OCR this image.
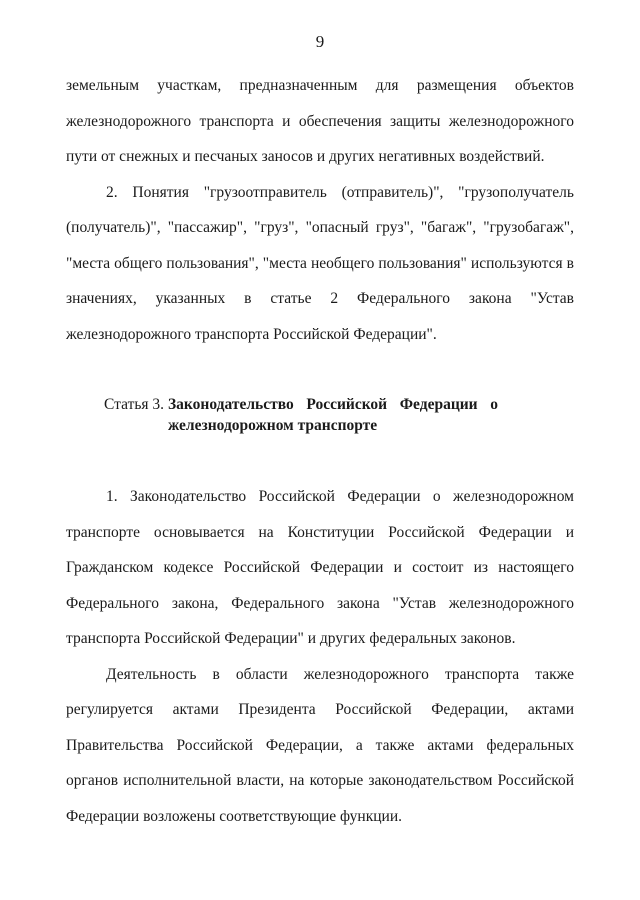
9

земельным участкам, предназначенным для размещения объектов железнодорожного транспорта и обеспечения защиты железнодорожного пути от снежных и песчаных заносов и других негативных воздействий.

2. Понятия "грузоотправитель (отправитель)", "грузополучатель (получатель)", "пассажир", "груз", "опасный груз", "багаж", "грузобагаж", "места общего пользования", "места необщего пользования" используются в значениях, указанных в статье 2 Федерального закона "Устав железнодорожного транспорта Российской Федерации".

Статья 3. Законодательство Российской Федерации о железнодорожном транспорте

1. Законодательство Российской Федерации о железнодорожном транспорте основывается на Конституции Российской Федерации и Гражданском кодексе Российской Федерации и состоит из настоящего Федерального закона, Федерального закона "Устав железнодорожного транспорта Российской Федерации" и других федеральных законов.

Деятельность в области железнодорожного транспорта также регулируется актами Президента Российской Федерации, актами Правительства Российской Федерации, а также актами федеральных органов исполнительной власти, на которые законодательством Российской Федерации возложены соответствующие функции.
